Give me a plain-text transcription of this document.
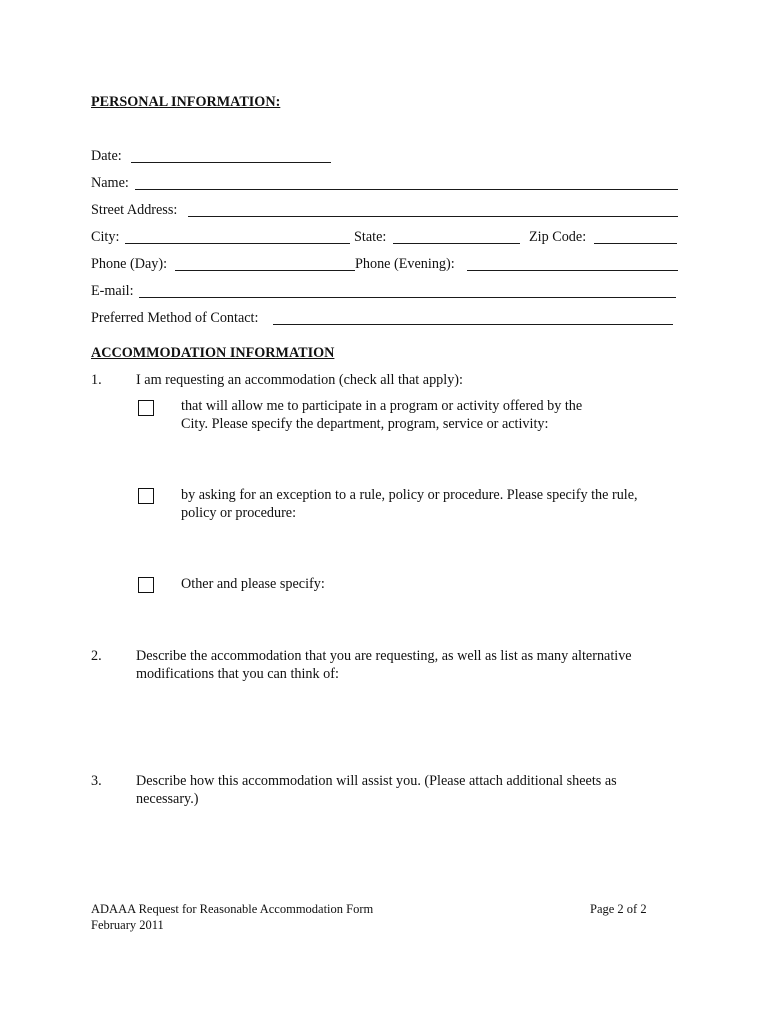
PERSONAL INFORMATION:
Date:
Name:
Street Address:
City:	State:	Zip Code:
Phone (Day):	Phone (Evening):
E-mail:
Preferred Method of Contact:
ACCOMMODATION INFORMATION
1. I am requesting an accommodation (check all that apply):
that will allow me to participate in a program or activity offered by the
City. Please specify the department, program, service or activity:
by asking for an exception to a rule, policy or procedure. Please specify the rule,
policy or procedure:
Other and please specify:
2. Describe the accommodation that you are requesting, as well as list as many alternative
modifications that you can think of:
3. Describe how this accommodation will assist you. (Please attach additional sheets as
necessary.)
ADAAA Request for Reasonable Accommodation Form
February 2011
Page 2 of 2
